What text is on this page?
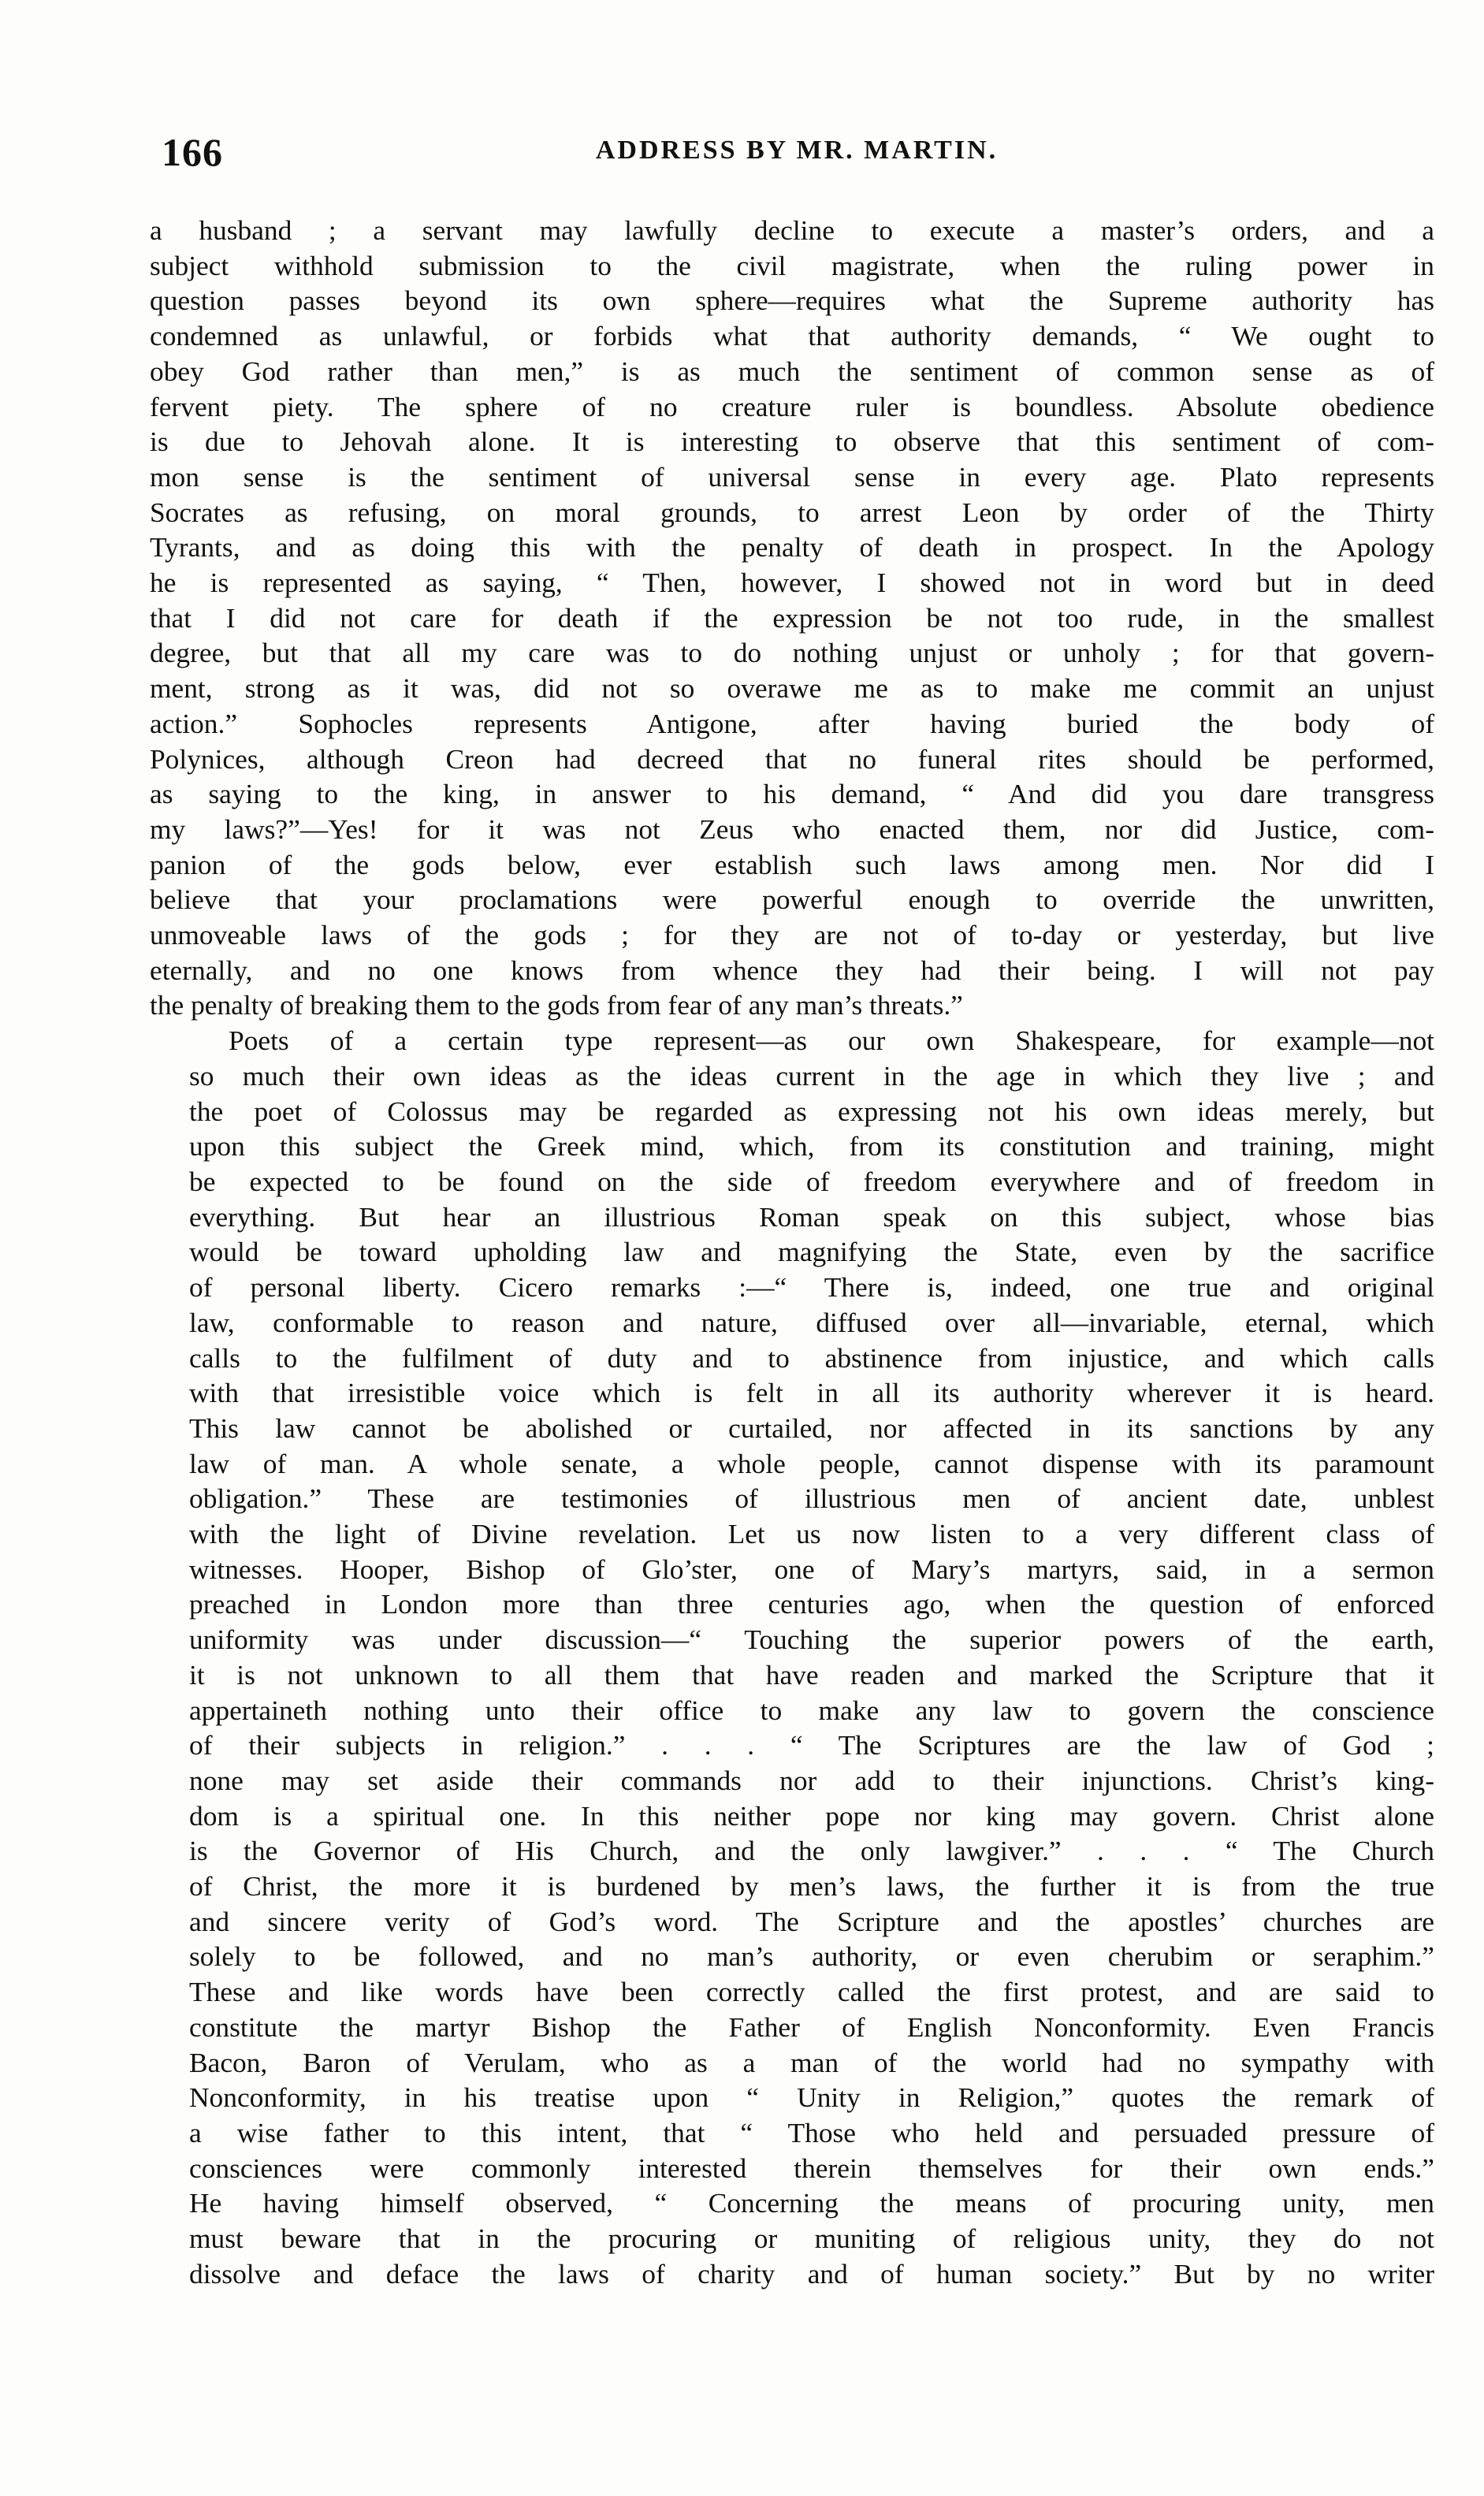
166	ADDRESS BY MR. MARTIN.
a husband ; a servant may lawfully decline to execute a master’s orders, and a
subject withhold submission to the civil magistrate, when the ruling power in
question passes beyond its own sphere—requires what the Supreme authority has
condemned as unlawful, or forbids what that authority demands, “ We ought to
obey God rather than men,” is as much the sentiment of common sense as of
fervent piety. The sphere of no creature ruler is boundless. Absolute obedience
is due to Jehovah alone. It is interesting to observe that this sentiment of com-
mon sense is the sentiment of universal sense in every age. Plato represents
Socrates as refusing, on moral grounds, to arrest Leon by order of the Thirty
Tyrants, and as doing this with the penalty of death in prospect. In the Apology
he is represented as saying, “ Then, however, I showed not in word but in deed
that I did not care for death if the expression be not too rude, in the smallest
degree, but that all my care was to do nothing unjust or unholy ; for that govern-
ment, strong as it was, did not so overawe me as to make me commit an unjust
action.” Sophocles represents Antigone, after having buried the body of
Polynices, although Creon had decreed that no funeral rites should be performed,
as saying to the king, in answer to his demand, “ And did you dare transgress
my laws?”—Yes! for it was not Zeus who enacted them, nor did Justice, com-
panion of the gods below, ever establish such laws among men. Nor did I
believe that your proclamations were powerful enough to override the unwritten,
unmoveable laws of the gods ; for they are not of to-day or yesterday, but live
eternally, and no one knows from whence they had their being. I will not pay
the penalty of breaking them to the gods from fear of any man’s threats.”
Poets of a certain type represent—as our own Shakespeare, for example—not
so much their own ideas as the ideas current in the age in which they live ; and
the poet of Colossus may be regarded as expressing not his own ideas merely, but
upon this subject the Greek mind, which, from its constitution and training, might
be expected to be found on the side of freedom everywhere and of freedom in
everything. But hear an illustrious Roman speak on this subject, whose bias
would be toward upholding law and magnifying the State, even by the sacrifice
of personal liberty. Cicero remarks :—“ There is, indeed, one true and original
law, conformable to reason and nature, diffused over all—invariable, eternal, which
calls to the fulfilment of duty and to abstinence from injustice, and which calls
with that irresistible voice which is felt in all its authority wherever it is heard.
This law cannot be abolished or curtailed, nor affected in its sanctions by any
law of man. A whole senate, a whole people, cannot dispense with its paramount
obligation.” These are testimonies of illustrious men of ancient date, unblest
with the light of Divine revelation. Let us now listen to a very different class of
witnesses. Hooper, Bishop of Glo’ster, one of Mary’s martyrs, said, in a sermon
preached in London more than three centuries ago, when the question of enforced
uniformity was under discussion—“ Touching the superior powers of the earth,
it is not unknown to all them that have readen and marked the Scripture that it
appertaineth nothing unto their office to make any law to govern the conscience
of their subjects in religion.” . . . “ The Scriptures are the law of God ;
none may set aside their commands nor add to their injunctions. Christ’s king-
dom is a spiritual one. In this neither pope nor king may govern. Christ alone
is the Governor of His Church, and the only lawgiver.” . . . “ The Church
of Christ, the more it is burdened by men’s laws, the further it is from the true
and sincere verity of God’s word. The Scripture and the apostles’ churches are
solely to be followed, and no man’s authority, or even cherubim or seraphim.”
These and like words have been correctly called the first protest, and are said to
constitute the martyr Bishop the Father of English Nonconformity. Even Francis
Bacon, Baron of Verulam, who as a man of the world had no sympathy with
Nonconformity, in his treatise upon “ Unity in Religion,” quotes the remark of
a wise father to this intent, that “ Those who held and persuaded pressure of
consciences were commonly interested therein themselves for their own ends.”
He having himself observed, “ Concerning the means of procuring unity, men
must beware that in the procuring or muniting of religious unity, they do not
dissolve and deface the laws of charity and of human society.” But by no writer
